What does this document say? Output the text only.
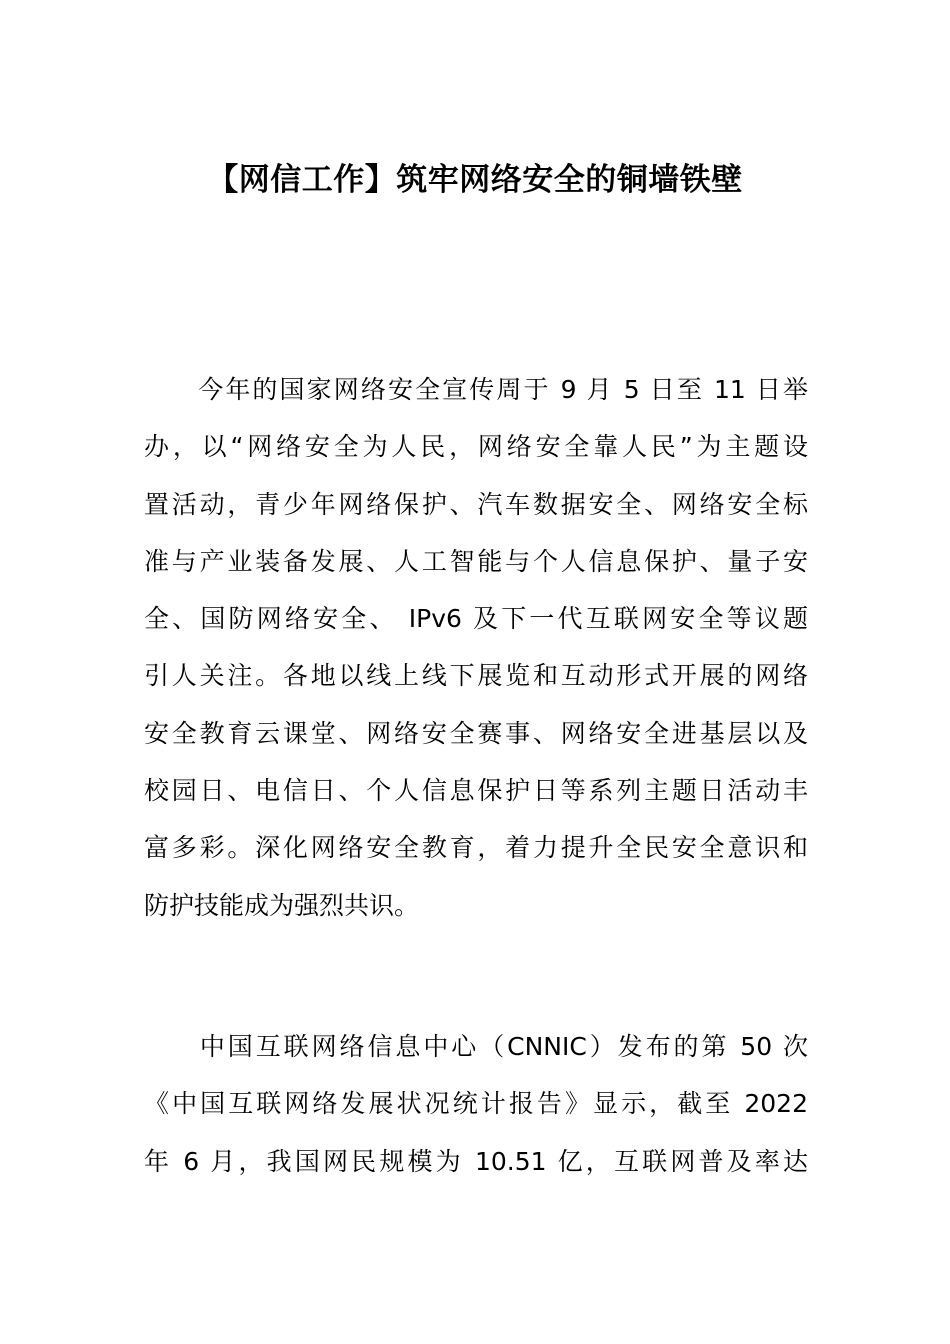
【网信工作】筑牢网络安全的铜墙铁壁
　　今年的国家网络安全宣传周于 9 月 5 日至 11 日举
办，以“网络安全为人民，网络安全靠人民”为主题设
置活动，青少年网络保护、汽车数据安全、网络安全标
准与产业装备发展、人工智能与个人信息保护、量子安
全、国防网络安全、 IPv6 及下一代互联网安全等议题
引人关注。各地以线上线下展览和互动形式开展的网络
安全教育云课堂、网络安全赛事、网络安全进基层以及
校园日、电信日、个人信息保护日等系列主题日活动丰
富多彩。深化网络安全教育，着力提升全民安全意识和
防护技能成为强烈共识。
　　中国互联网络信息中心（CNNIC）发布的第 50 次
《中国互联网络发展状况统计报告》显示，截至 2022
年 6 月，我国网民规模为 10.51 亿，互联网普及率达
